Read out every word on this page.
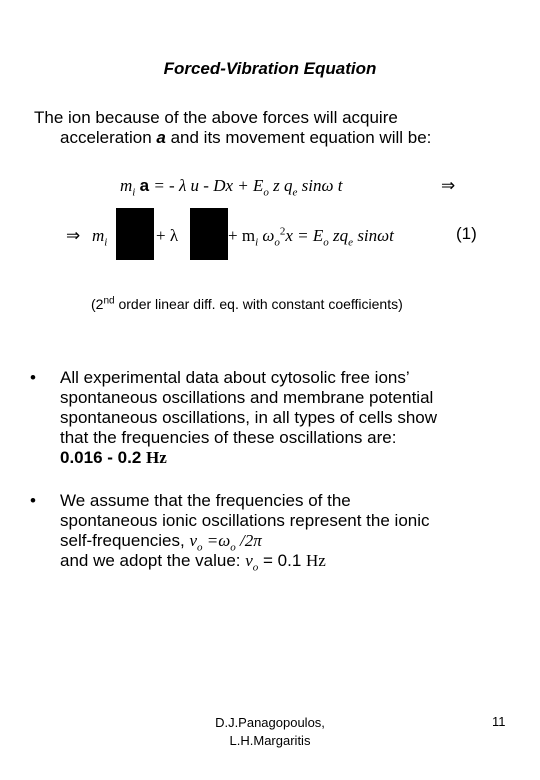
Forced-Vibration Equation
The ion because of the above forces will acquire
acceleration a and its movement equation will be:
$m_i$ a = - λ $u - Dx + E_o$ z $q_e$ sinω t	⇒
⇒ $m_i$	+ λ	+ $m_i$ $\omega_o^2x = E_o$ $zq_e$ sinωt	(1)
(2nd order linear diff. eq. with constant coefficients)
• All experimental data about cytosolic free ions’
spontaneous oscillations and membrane potential
spontaneous oscillations, in all types of cells show
that the frequencies of these oscillations are:
0.016 - 0.2 Hz
• We assume that the frequencies of the
spontaneous ionic oscillations represent the ionic
self-frequencies, $\nu_o =\omega_o$ /2π
and we adopt the value: $\nu_o = 0.1$ Hz
D.J.Panagopoulos,
L.H.Margaritis
11
